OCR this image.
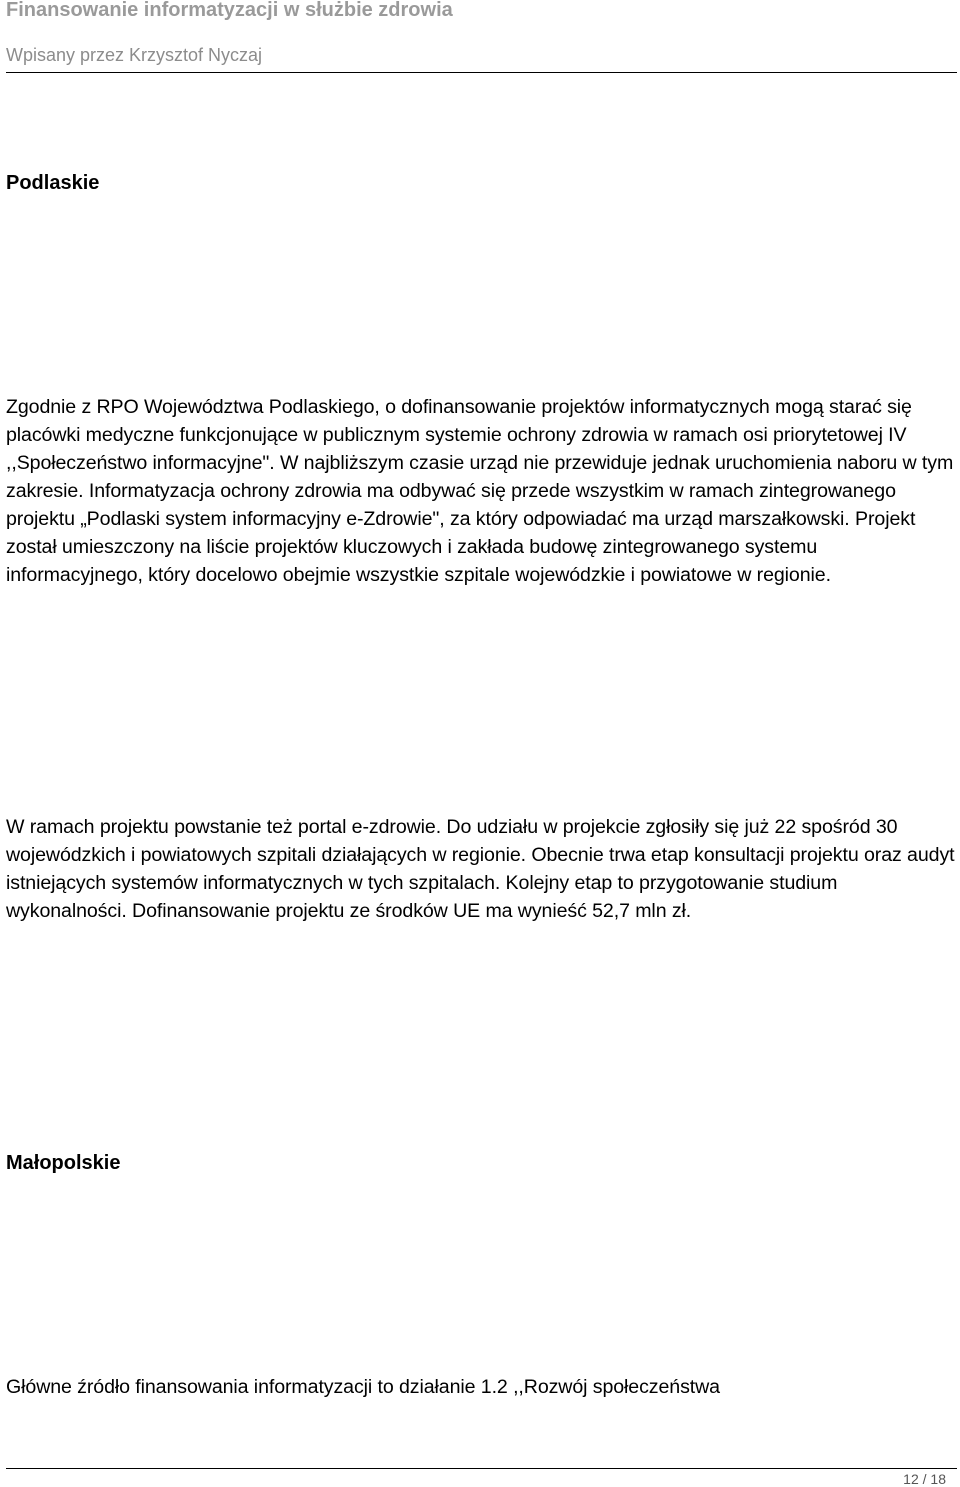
Finansowanie informatyzacji w służbie zdrowia

Wpisany przez Krzysztof Nyczaj

Podlaskie

Zgodnie z RPO Województwa Podlaskiego, o dofinansowanie projektów informatycznych mogą starać się placówki medyczne funkcjonujące w publicznym systemie ochrony zdrowia w ramach osi priorytetowej IV ,,Społeczeństwo informacyjne". W najbliższym czasie urząd nie przewiduje jednak uruchomienia naboru w tym zakresie. Informatyzacja ochrony zdrowia ma odbywać się przede wszystkim w ramach zintegrowanego projektu „Podlaski system informacyjny e-Zdrowie", za który odpowiadać ma urząd marszałkowski. Projekt został umieszczony na liście projektów kluczowych i zakłada budowę zintegrowanego systemu informacyjnego, który docelowo obejmie wszystkie szpitale wojewódzkie i powiatowe w regionie.

W ramach projektu powstanie też portal e-zdrowie. Do udziału w projekcie zgłosiły się już 22 spośród 30 wojewódzkich i powiatowych szpitali działających w regionie. Obecnie trwa etap konsultacji projektu oraz audyt istniejących systemów informatycznych w tych szpitalach. Kolejny etap to przygotowanie studium wykonalności. Dofinansowanie projektu ze środków UE ma wynieść 52,7 mln zł.

Małopolskie

Główne źródło finansowania informatyzacji to działanie 1.2 ,,Rozwój społeczeństwa

12 / 18
